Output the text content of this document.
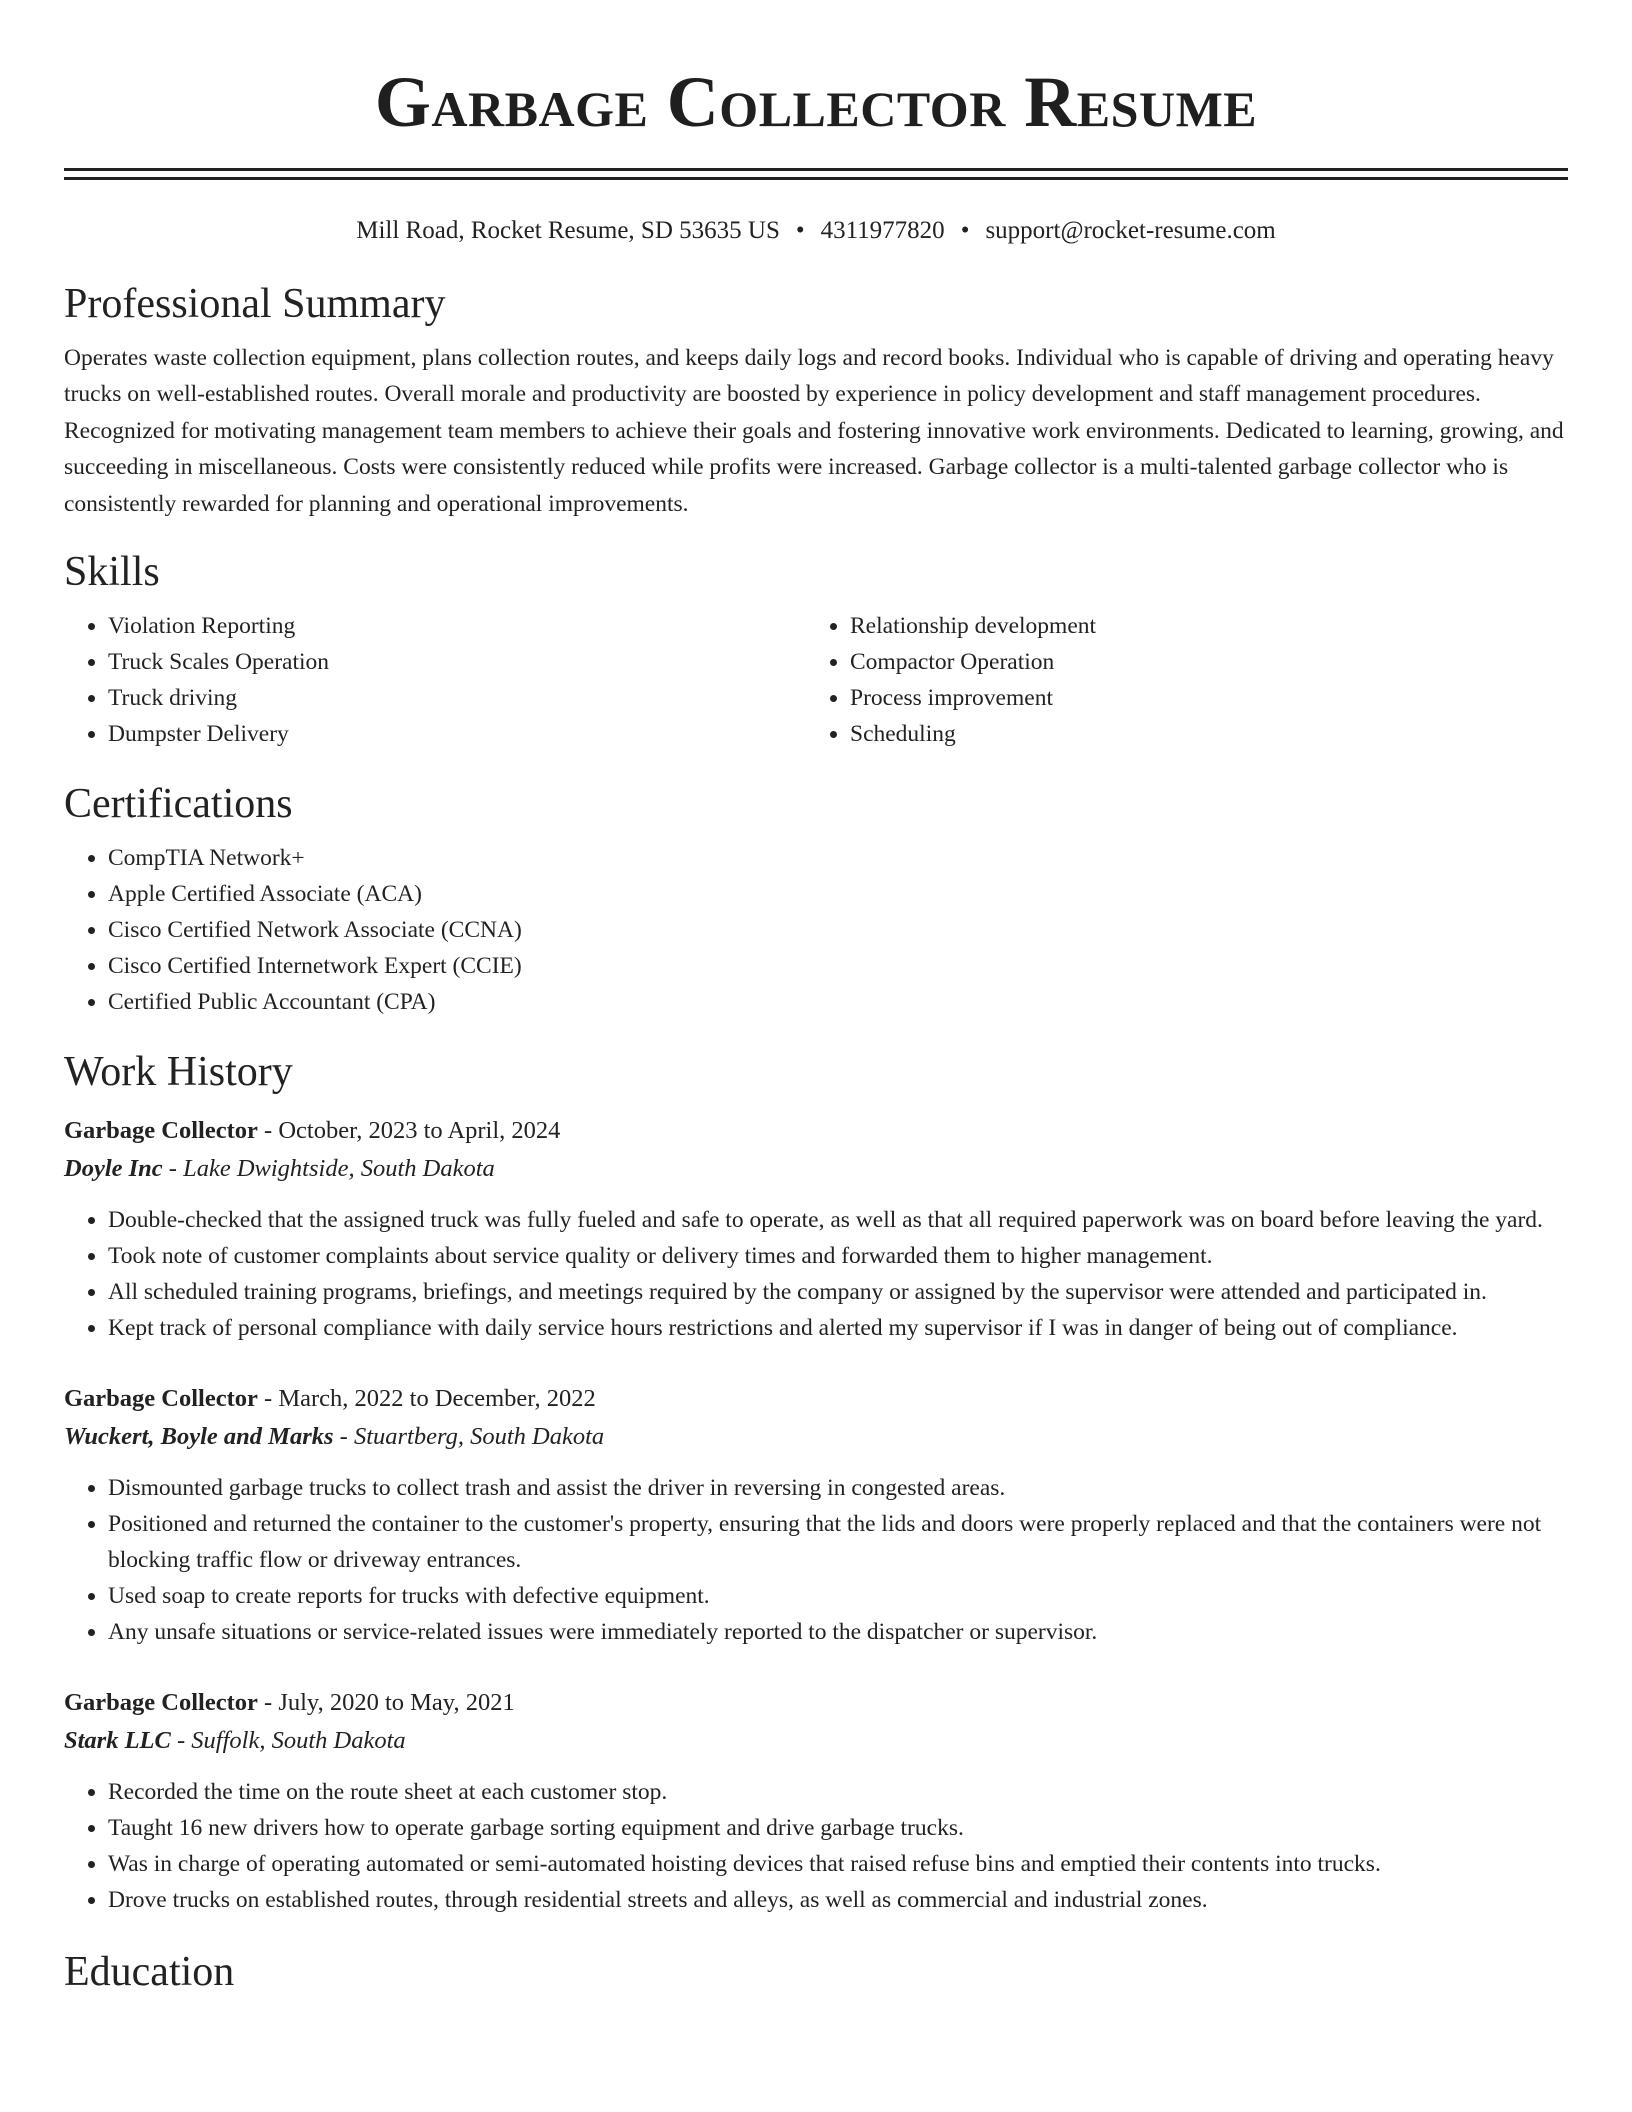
Garbage Collector Resume
Mill Road, Rocket Resume, SD 53635 US • 4311977820 • support@rocket-resume.com
Professional Summary

Operates waste collection equipment, plans collection routes, and keeps daily logs and record books. Individual who is capable of driving and operating heavy trucks on well-established routes. Overall morale and productivity are boosted by experience in policy development and staff management procedures. Recognized for motivating management team members to achieve their goals and fostering innovative work environments. Dedicated to learning, growing, and succeeding in miscellaneous. Costs were consistently reduced while profits were increased. Garbage collector is a multi-talented garbage collector who is consistently rewarded for planning and operational improvements.

Skills
• Violation Reporting
• Truck Scales Operation
• Truck driving
• Dumpster Delivery
• Relationship development
• Compactor Operation
• Process improvement
• Scheduling
Certifications
• CompTIA Network+
• Apple Certified Associate (ACA)
• Cisco Certified Network Associate (CCNA)
• Cisco Certified Internetwork Expert (CCIE)
• Certified Public Accountant (CPA)
Work History
Garbage Collector - October, 2023 to April, 2024
Doyle Inc - Lake Dwightside, South Dakota
• Double-checked that the assigned truck was fully fueled and safe to operate, as well as that all required paperwork was on board before leaving the yard.
• Took note of customer complaints about service quality or delivery times and forwarded them to higher management.
• All scheduled training programs, briefings, and meetings required by the company or assigned by the supervisor were attended and participated in.
• Kept track of personal compliance with daily service hours restrictions and alerted my supervisor if I was in danger of being out of compliance.
Garbage Collector - March, 2022 to December, 2022
Wuckert, Boyle and Marks - Stuartberg, South Dakota
• Dismounted garbage trucks to collect trash and assist the driver in reversing in congested areas.
• Positioned and returned the container to the customer's property, ensuring that the lids and doors were properly replaced and that the containers were not blocking traffic flow or driveway entrances.
• Used soap to create reports for trucks with defective equipment.
• Any unsafe situations or service-related issues were immediately reported to the dispatcher or supervisor.
Garbage Collector - July, 2020 to May, 2021
Stark LLC - Suffolk, South Dakota
• Recorded the time on the route sheet at each customer stop.
• Taught 16 new drivers how to operate garbage sorting equipment and drive garbage trucks.
• Was in charge of operating automated or semi-automated hoisting devices that raised refuse bins and emptied their contents into trucks.
• Drove trucks on established routes, through residential streets and alleys, as well as commercial and industrial zones.
Education
